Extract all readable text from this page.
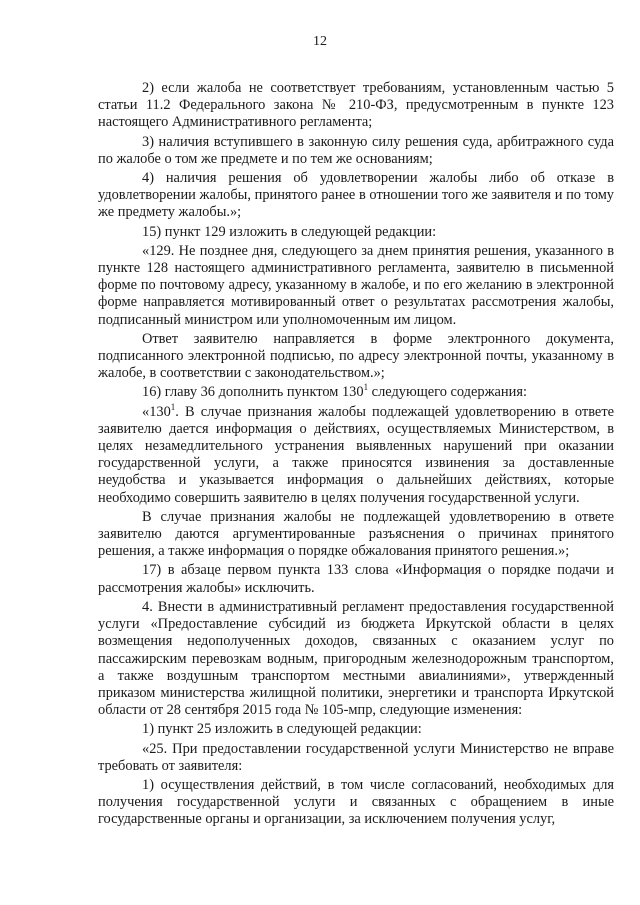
12

2) если жалоба не соответствует требованиям, установленным частью 5 статьи 11.2 Федерального закона № 210-ФЗ, предусмотренным в пункте 123 настоящего Административного регламента;

3) наличия вступившего в законную силу решения суда, арбитражного суда по жалобе о том же предмете и по тем же основаниям;

4) наличия решения об удовлетворении жалобы либо об отказе в удовлетворении жалобы, принятого ранее в отношении того же заявителя и по тому же предмету жалобы.»;

15) пункт 129 изложить в следующей редакции:

«129. Не позднее дня, следующего за днем принятия решения, указанного в пункте 128 настоящего административного регламента, заявителю в письменной форме по почтовому адресу, указанному в жалобе, и по его желанию в электронной форме направляется мотивированный ответ о результатах рассмотрения жалобы, подписанный министром или уполномоченным им лицом.

Ответ заявителю направляется в форме электронного документа, подписанного электронной подписью, по адресу электронной почты, указанному в жалобе, в соответствии с законодательством.»;

16) главу 36 дополнить пунктом $130^1$ следующего содержания:

«$130^1$. В случае признания жалобы подлежащей удовлетворению в ответе заявителю дается информация о действиях, осуществляемых Министерством, в целях незамедлительного устранения выявленных нарушений при оказании государственной услуги, а также приносятся извинения за доставленные неудобства и указывается информация о дальнейших действиях, которые необходимо совершить заявителю в целях получения государственной услуги.

В случае признания жалобы не подлежащей удовлетворению в ответе заявителю даются аргументированные разъяснения о причинах принятого решения, а также информация о порядке обжалования принятого решения.»;

17) в абзаце первом пункта 133 слова «Информация о порядке подачи и рассмотрения жалобы» исключить.

4. Внести в административный регламент предоставления государственной услуги «Предоставление субсидий из бюджета Иркутской области в целях возмещения недополученных доходов, связанных с оказанием услуг по пассажирским перевозкам водным, пригородным железнодорожным транспортом, а также воздушным транспортом местными авиалиниями», утвержденный приказом министерства жилищной политики, энергетики и транспорта Иркутской области от 28 сентября 2015 года № 105-мпр, следующие изменения:

1) пункт 25 изложить в следующей редакции:

«25. При предоставлении государственной услуги Министерство не вправе требовать от заявителя:

1) осуществления действий, в том числе согласований, необходимых для получения государственной услуги и связанных с обращением в иные государственные органы и организации, за исключением получения услуг,
